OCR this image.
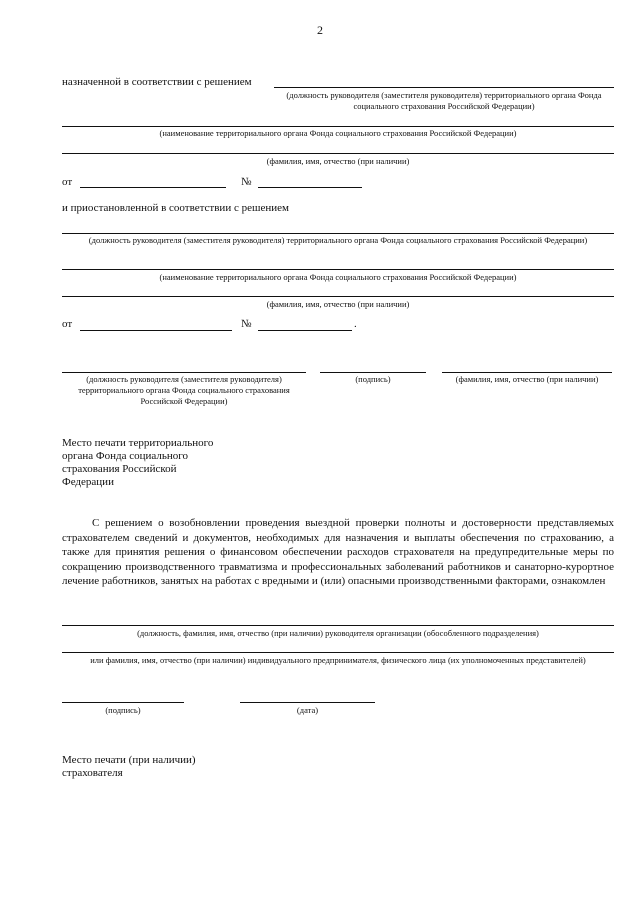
2
назначенной в соответствии с решением
(должность руководителя (заместителя руководителя) территориального органа Фонда социального страхования Российской Федерации)
(наименование территориального органа Фонда социального страхования Российской Федерации)
(фамилия, имя, отчество (при наличии)
от	№
и приостановленной в соответствии с решением
(должность руководителя (заместителя руководителя) территориального органа Фонда социального страхования Российской Федерации)
(наименование территориального органа Фонда социального страхования Российской Федерации)
(фамилия, имя, отчество (при наличии)
от	№	.
(должность руководителя (заместителя руководителя) территориального органа Фонда социального страхования Российской Федерации)
(подпись)	(фамилия, имя, отчество (при наличии)
Место печати территориального органа Фонда социального страхования Российской Федерации

С решением о возобновлении проведения выездной проверки полноты и достоверности представляемых страхователем сведений и документов, необходимых для назначения и выплаты обеспечения по страхованию, а также для принятия решения о финансовом обеспечении расходов страхователя на предупредительные меры по сокращению производственного травматизма и профессиональных заболеваний работников и санаторно-курортное лечение работников, занятых на работах с вредными и (или) опасными производственными факторами, ознакомлен

(должность, фамилия, имя, отчество (при наличии) руководителя организации (обособленного подразделения)
или фамилия, имя, отчество (при наличии) индивидуального предпринимателя, физического лица (их уполномоченных представителей)
(подпись)	(дата)
Место печати (при наличии) страхователя
